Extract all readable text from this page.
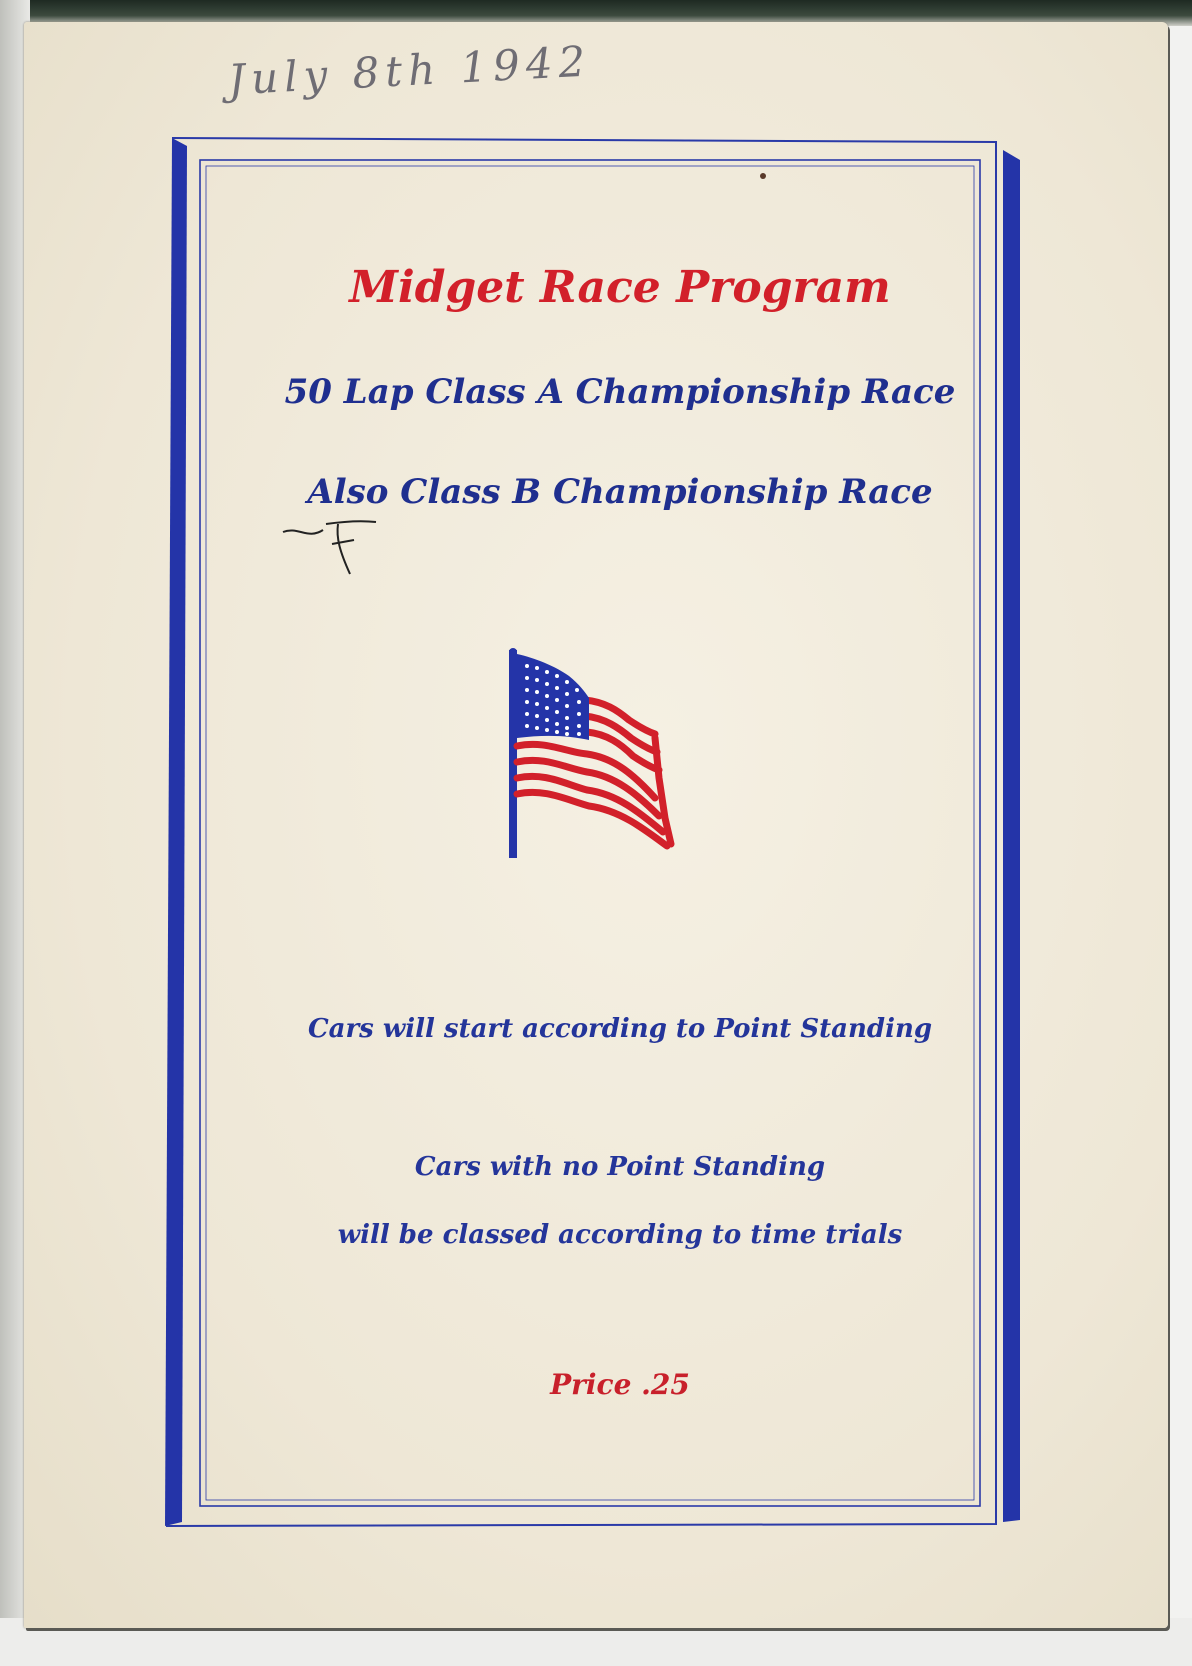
July 8th 1942
Midget Race Program
50 Lap Class A Championship Race
Also Class B Championship Race
Cars will start according to Point Standing
Cars with no Point Standing
will be classed according to time trials
Price .25
